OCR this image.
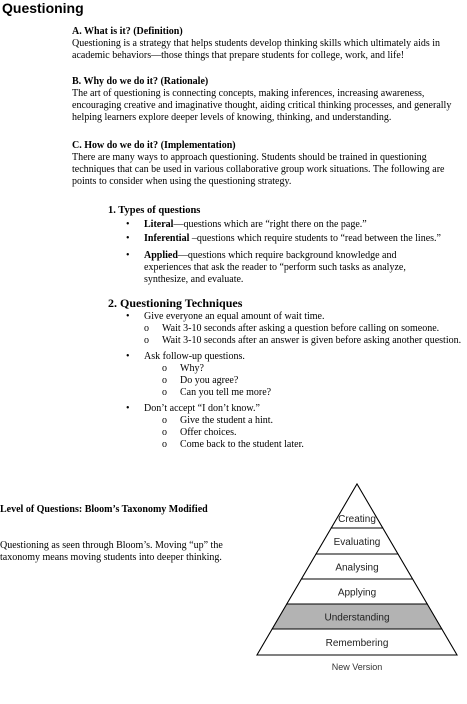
Questioning
A. What is it? (Definition)

Questioning is a strategy that helps students develop thinking skills which ultimately aids in academic behaviors—those things that prepare students for college, work, and life!

B. Why do we do it? (Rationale)

The art of questioning is connecting concepts, making inferences, increasing awareness, encouraging creative and imaginative thought, aiding critical thinking processes, and generally helping learners explore deeper levels of knowing, thinking, and understanding.

C. How do we do it? (Implementation)

There are many ways to approach questioning. Students should be trained in questioning techniques that can be used in various collaborative group work situations. The following are points to consider when using the questioning strategy.

1. Types of questions
• Literal—questions which are “right there on the page.”
• Inferential –questions which require students to “read between the lines.”
• Applied—questions which require background knowledge and experiences that ask the reader to “perform such tasks as analyze, synthesize, and evaluate.
2. Questioning Techniques
• Give everyone an equal amount of wait time.
o Wait 3-10 seconds after asking a question before calling on someone.
o Wait 3-10 seconds after an answer is given before asking another question.
• Ask follow-up questions.
o Why?
o Do you agree?
o Can you tell me more?
• Don’t accept “I don’t know.”
o Give the student a hint.
o Offer choices.
o Come back to the student later.
Level of Questions: Bloom’s Taxonomy Modified
Questioning as seen through Bloom’s. Moving “up” the taxonomy means moving students into deeper thinking.
Creating
Evaluating
Analysing
Applying
Understanding
Remembering
New Version
